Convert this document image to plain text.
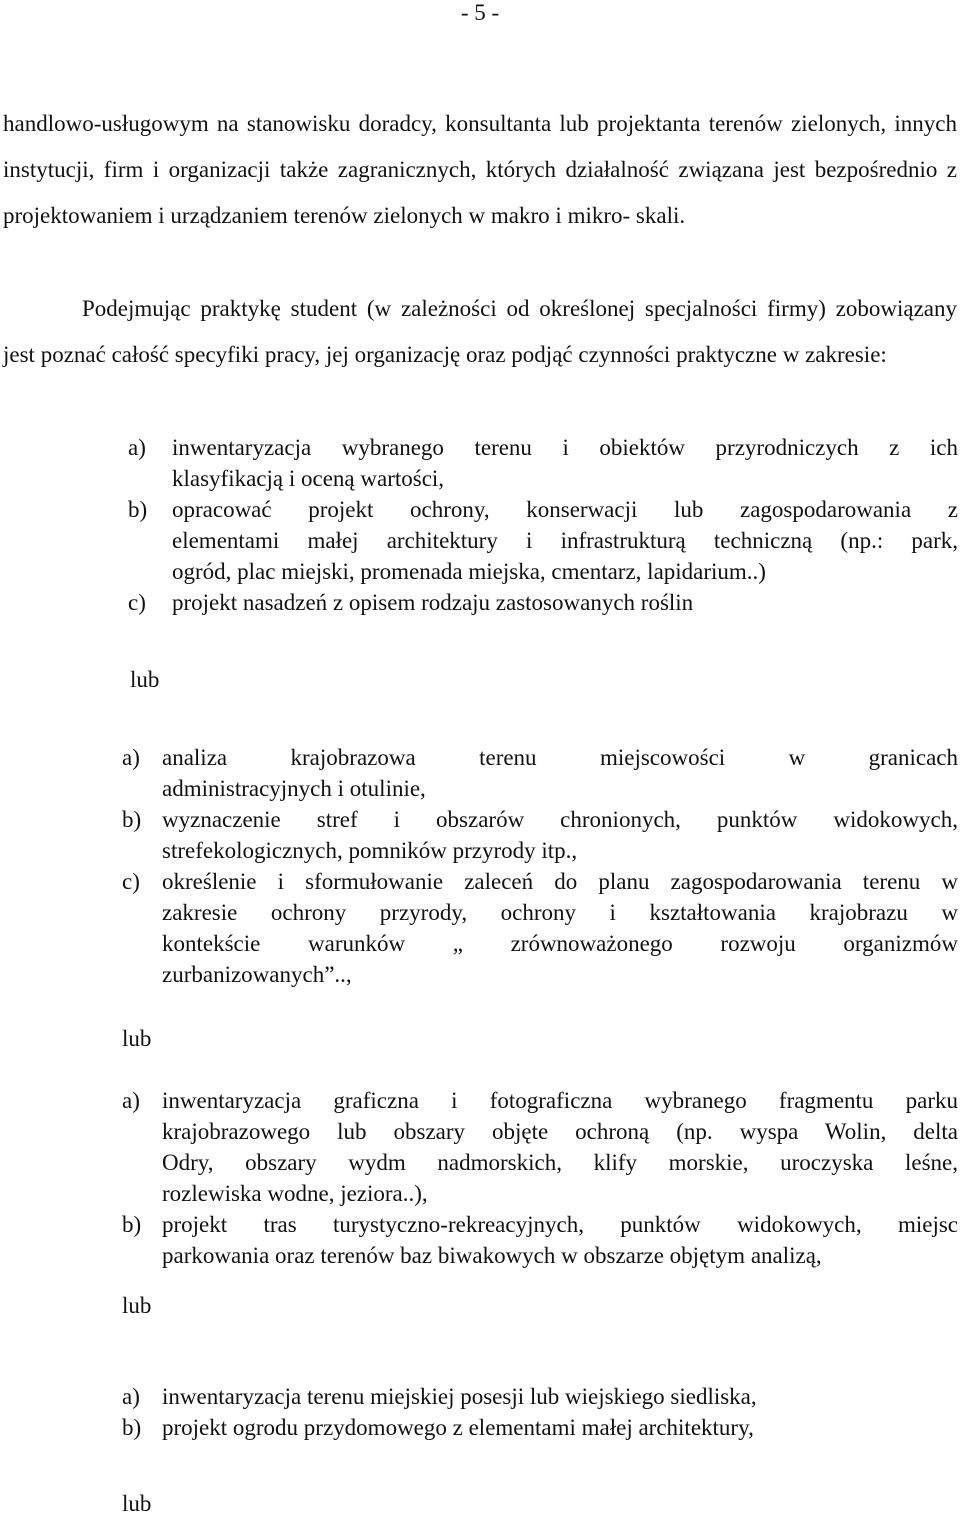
- 5 -
handlowo-usługowym na stanowisku doradcy, konsultanta lub projektanta terenów zielonych, innych instytucji, firm i organizacji także zagranicznych, których działalność związana jest bezpośrednio z projektowaniem i urządzaniem terenów zielonych w makro i mikro- skali.
Podejmując praktykę student (w zależności od określonej specjalności firmy) zobowiązany jest poznać całość specyfiki pracy, jej organizację oraz podjąć czynności praktyczne w zakresie:
a) inwentaryzacja wybranego terenu i obiektów przyrodniczych z ich
klasyfikacją i oceną wartości,
b) opracować projekt ochrony, konserwacji lub zagospodarowania z
elementami małej architektury i infrastrukturą techniczną (np.: park,
ogród, plac miejski, promenada miejska, cmentarz, lapidarium..)
c) projekt nasadzeń z opisem rodzaju zastosowanych roślin
lub
a) analiza krajobrazowa terenu miejscowości w granicach
administracyjnych i otulinie,
b) wyznaczenie stref i obszarów chronionych, punktów widokowych,
strefekologicznych, pomników przyrody itp.,
c) określenie i sformułowanie zaleceń do planu zagospodarowania terenu w
zakresie ochrony przyrody, ochrony i kształtowania krajobrazu w
kontekście warunków „ zrównoważonego rozwoju organizmów
zurbanizowanych”..,
lub
a) inwentaryzacja graficzna i fotograficzna wybranego fragmentu parku
krajobrazowego lub obszary objęte ochroną (np. wyspa Wolin, delta
Odry, obszary wydm nadmorskich, klify morskie, uroczyska leśne,
rozlewiska wodne, jeziora..),
b) projekt tras turystyczno-rekreacyjnych, punktów widokowych, miejsc
parkowania oraz terenów baz biwakowych w obszarze objętym analizą,
lub
a) inwentaryzacja terenu miejskiej posesji lub wiejskiego siedliska,
b) projekt ogrodu przydomowego z elementami małej architektury,
lub
